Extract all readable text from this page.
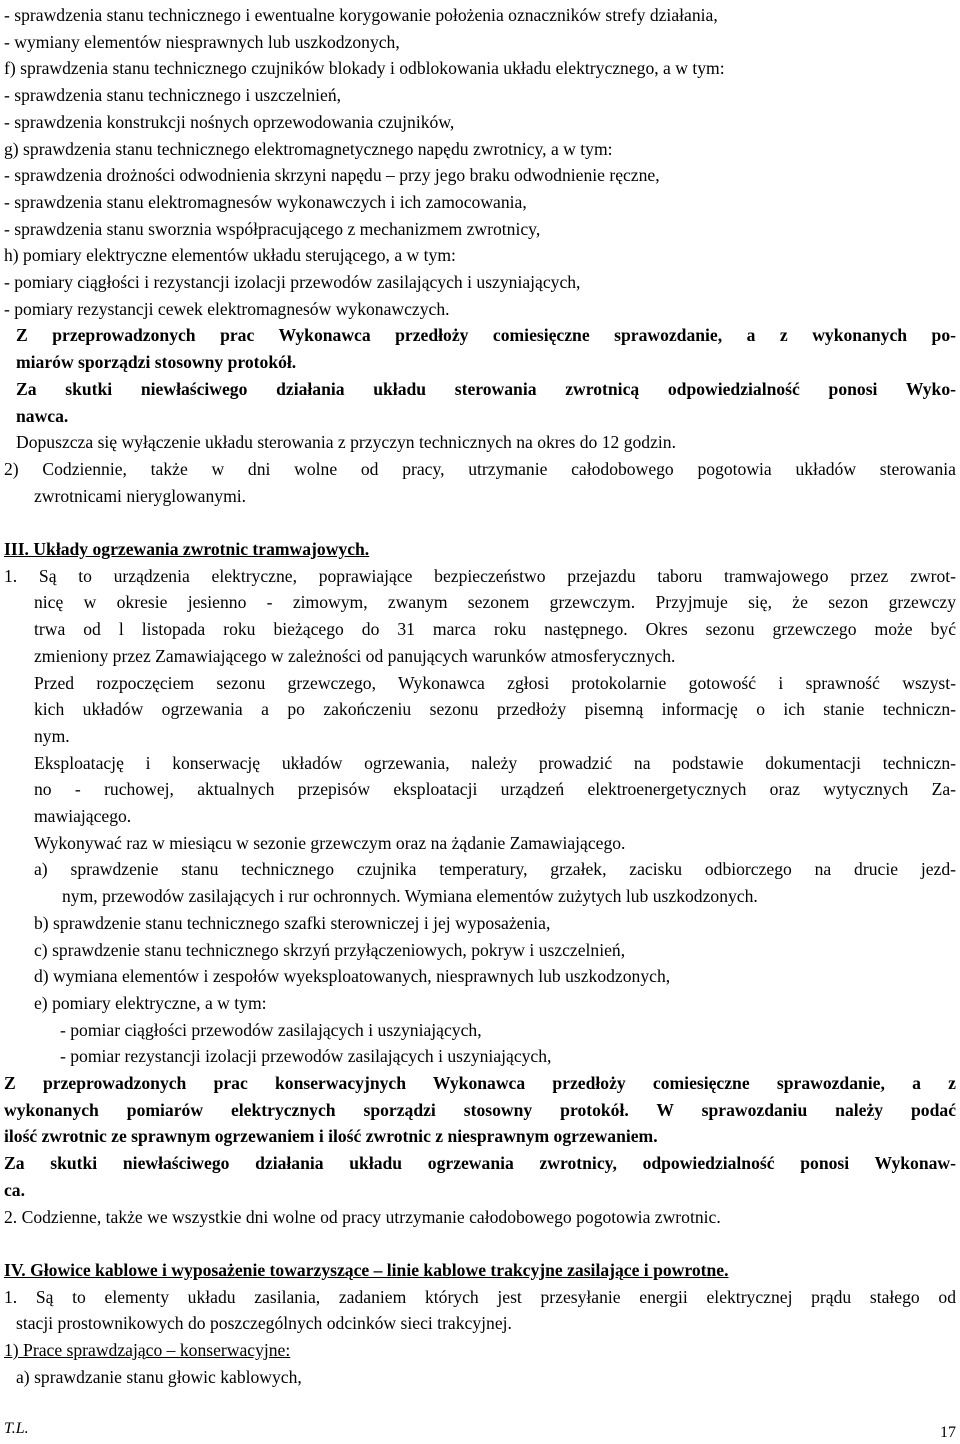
- sprawdzenia stanu technicznego i ewentualne korygowanie położenia oznaczników strefy działania,
- wymiany elementów niesprawnych lub uszkodzonych,
f) sprawdzenia stanu technicznego czujników blokady i odblokowania układu elektrycznego, a w tym:
- sprawdzenia stanu technicznego i uszczelnień,
- sprawdzenia konstrukcji nośnych oprzewodowania czujników,
g) sprawdzenia stanu technicznego elektromagnetycznego napędu zwrotnicy, a w tym:
- sprawdzenia drożności odwodnienia skrzyni napędu – przy jego braku odwodnienie ręczne,
- sprawdzenia stanu elektromagnesów wykonawczych i ich zamocowania,
- sprawdzenia stanu sworznia współpracującego z mechanizmem zwrotnicy,
h) pomiary elektryczne elementów układu sterującego, a w tym:
- pomiary ciągłości i rezystancji izolacji przewodów zasilających i uszyniających,
- pomiary rezystancji cewek elektromagnesów wykonawczych.
Z przeprowadzonych prac Wykonawca przedłoży comiesięczne sprawozdanie, a z wykonanych po-
miarów sporządzi stosowny protokół.
Za skutki niewłaściwego działania układu sterowania zwrotnicą odpowiedzialność ponosi Wyko-
nawca.
Dopuszcza się wyłączenie układu sterowania z przyczyn technicznych na okres do 12 godzin.
2) Codziennie, także w dni wolne od pracy, utrzymanie całodobowego pogotowia układów sterowania
zwrotnicami nieryglowanymi.
III. Układy ogrzewania zwrotnic tramwajowych.
1. Są to urządzenia elektryczne, poprawiające bezpieczeństwo przejazdu taboru tramwajowego przez zwrot-
nicę w okresie jesienno - zimowym, zwanym sezonem grzewczym. Przyjmuje się, że sezon grzewczy
trwa od l listopada roku bieżącego do 31 marca roku następnego. Okres sezonu grzewczego może być
zmieniony przez Zamawiającego w zależności od panujących warunków atmosferycznych.
Przed rozpoczęciem sezonu grzewczego, Wykonawca zgłosi protokolarnie gotowość i sprawność wszyst-
kich układów ogrzewania a po zakończeniu sezonu przedłoży pisemną informację o ich stanie techniczn-
nym.
Eksploatację i konserwację układów ogrzewania, należy prowadzić na podstawie dokumentacji techniczn-
no - ruchowej, aktualnych przepisów eksploatacji urządzeń elektroenergetycznych oraz wytycznych Za-
mawiającego.
Wykonywać raz w miesiącu w sezonie grzewczym oraz na żądanie Zamawiającego.
a) sprawdzenie stanu technicznego czujnika temperatury, grzałek, zacisku odbiorczego na drucie jezd-
nym, przewodów zasilających i rur ochronnych. Wymiana elementów zużytych lub uszkodzonych.
b) sprawdzenie stanu technicznego szafki sterowniczej i jej wyposażenia,
c) sprawdzenie stanu technicznego skrzyń przyłączeniowych, pokryw i uszczelnień,
d) wymiana elementów i zespołów wyeksploatowanych, niesprawnych lub uszkodzonych,
e) pomiary elektryczne, a w tym:
- pomiar ciągłości przewodów zasilających i uszyniających,
- pomiar rezystancji izolacji przewodów zasilających i uszyniających,
Z przeprowadzonych prac konserwacyjnych Wykonawca przedłoży comiesięczne sprawozdanie, a z
wykonanych pomiarów elektrycznych sporządzi stosowny protokół. W sprawozdaniu należy podać
ilość zwrotnic ze sprawnym ogrzewaniem i ilość zwrotnic z niesprawnym ogrzewaniem.
Za skutki niewłaściwego działania układu ogrzewania zwrotnicy, odpowiedzialność ponosi Wykonaw-
ca.
2. Codzienne, także we wszystkie dni wolne od pracy utrzymanie całodobowego pogotowia zwrotnic.
IV. Głowice kablowe i wyposażenie towarzyszące – linie kablowe trakcyjne zasilające i powrotne.
1. Są to elementy układu zasilania, zadaniem których jest przesyłanie energii elektrycznej prądu stałego od
stacji prostownikowych do poszczególnych odcinków sieci trakcyjnej.
1) Prace sprawdzająco – konserwacyjne:
a) sprawdzanie stanu głowic kablowych,
T.L.	17
